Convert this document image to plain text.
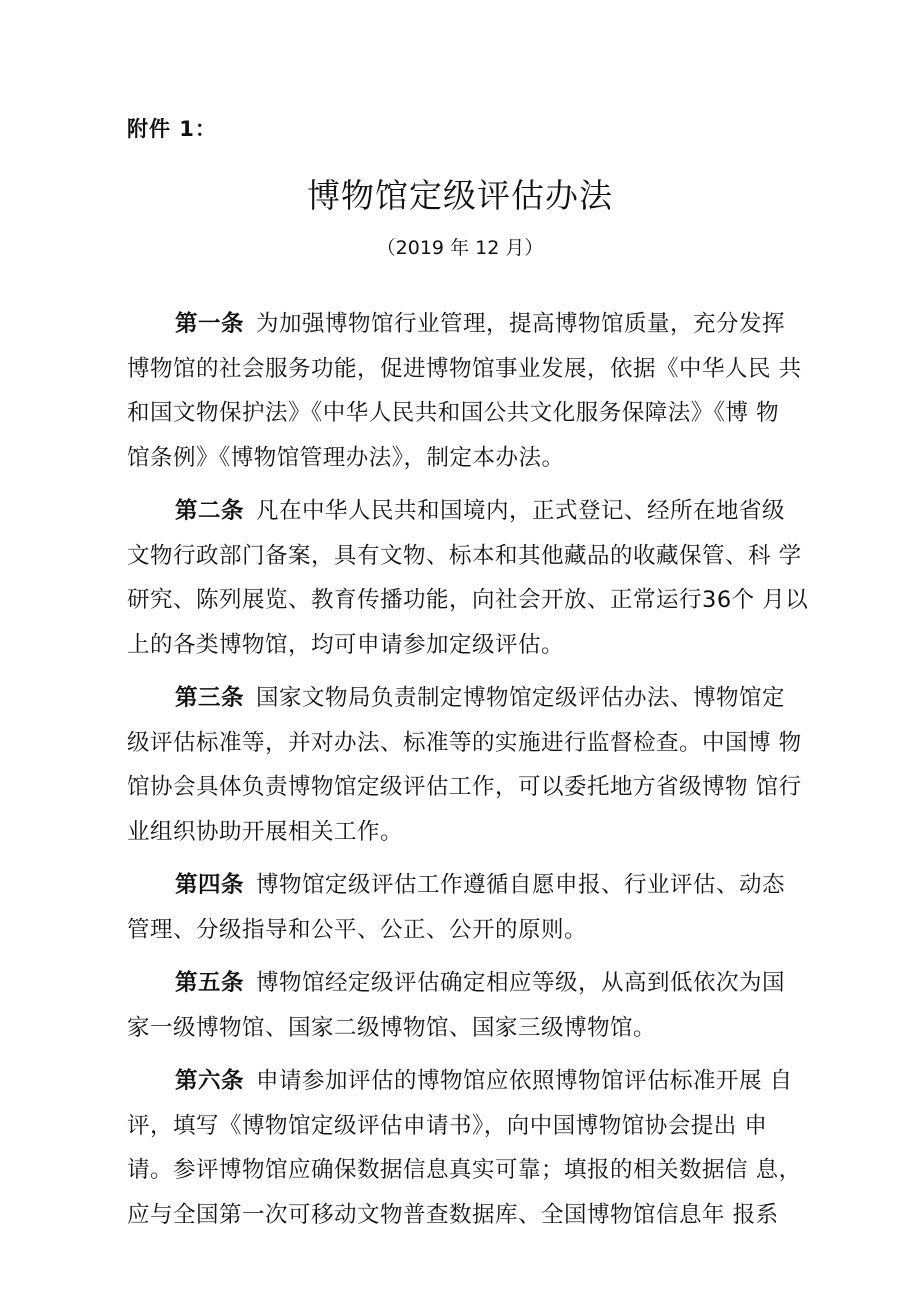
附件 1：
博物馆定级评估办法
（2019 年 12 月）
第一条 为加强博物馆行业管理，提高博物馆质量，充分发挥
博物馆的社会服务功能，促进博物馆事业发展，依据《中华人民 共
和国文物保护法》《中华人民共和国公共文化服务保障法》《博 物
馆条例》《博物馆管理办法》，制定本办法。
第二条 凡在中华人民共和国境内，正式登记、经所在地省级
文物行政部门备案，具有文物、标本和其他藏品的收藏保管、科 学
研究、陈列展览、教育传播功能，向社会开放、正常运行36个 月以
上的各类博物馆，均可申请参加定级评估。
第三条 国家文物局负责制定博物馆定级评估办法、博物馆定
级评估标准等，并对办法、标准等的实施进行监督检查。中国博 物
馆协会具体负责博物馆定级评估工作，可以委托地方省级博物 馆行
业组织协助开展相关工作。
第四条 博物馆定级评估工作遵循自愿申报、行业评估、动态
管理、分级指导和公平、公正、公开的原则。
第五条 博物馆经定级评估确定相应等级，从高到低依次为国
家一级博物馆、国家二级博物馆、国家三级博物馆。
第六条 申请参加评估的博物馆应依照博物馆评估标准开展 自
评，填写《博物馆定级评估申请书》，向中国博物馆协会提出 申
请。参评博物馆应确保数据信息真实可靠；填报的相关数据信 息，
应与全国第一次可移动文物普查数据库、全国博物馆信息年 报系
